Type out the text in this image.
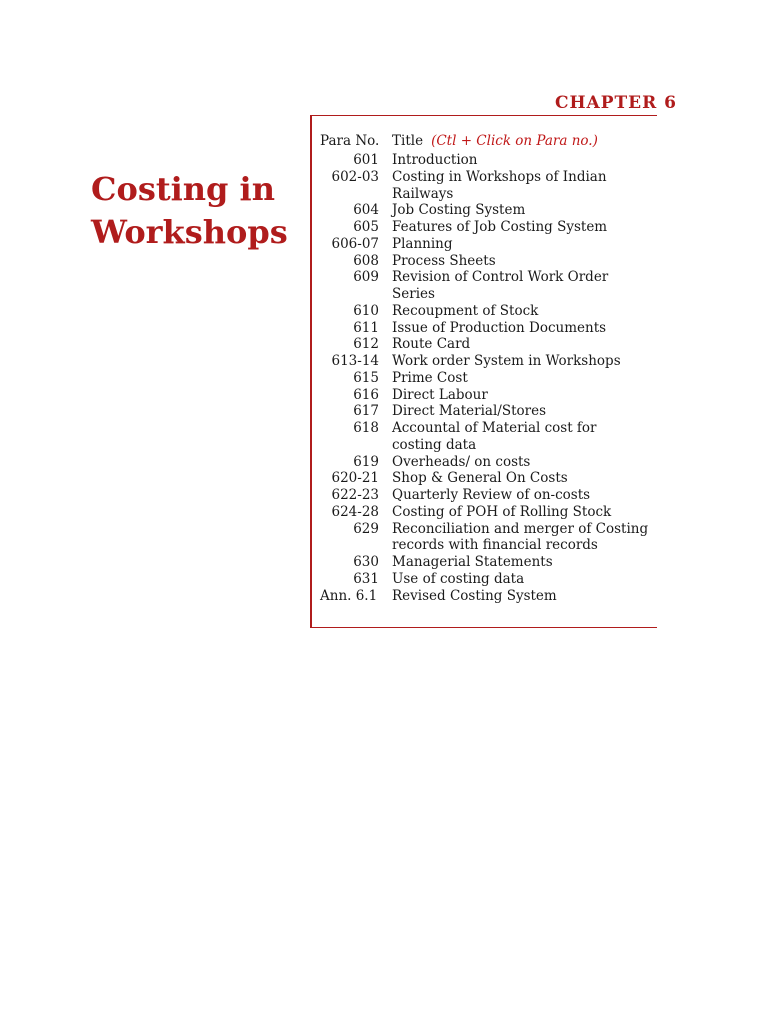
CHAPTER 6
Costing in
Workshops
Para No. Title (Ctl + Click on Para no.)
601 Introduction
602-03 Costing in Workshops of Indian Railways
604 Job Costing System
605 Features of Job Costing System
606-07 Planning
608 Process Sheets
609 Revision of Control Work Order Series
610 Recoupment of Stock
611 Issue of Production Documents
612 Route Card
613-14 Work order System in Workshops
615 Prime Cost
616 Direct Labour
617 Direct Material/Stores
618 Accountal of Material cost for costing data
619 Overheads/ on costs
620-21 Shop & General On Costs
622-23 Quarterly Review of on-costs
624-28 Costing of POH of Rolling Stock
629 Reconciliation and merger of Costing records with financial records
630 Managerial Statements
631 Use of costing data
Ann. 6.1 Revised Costing System
